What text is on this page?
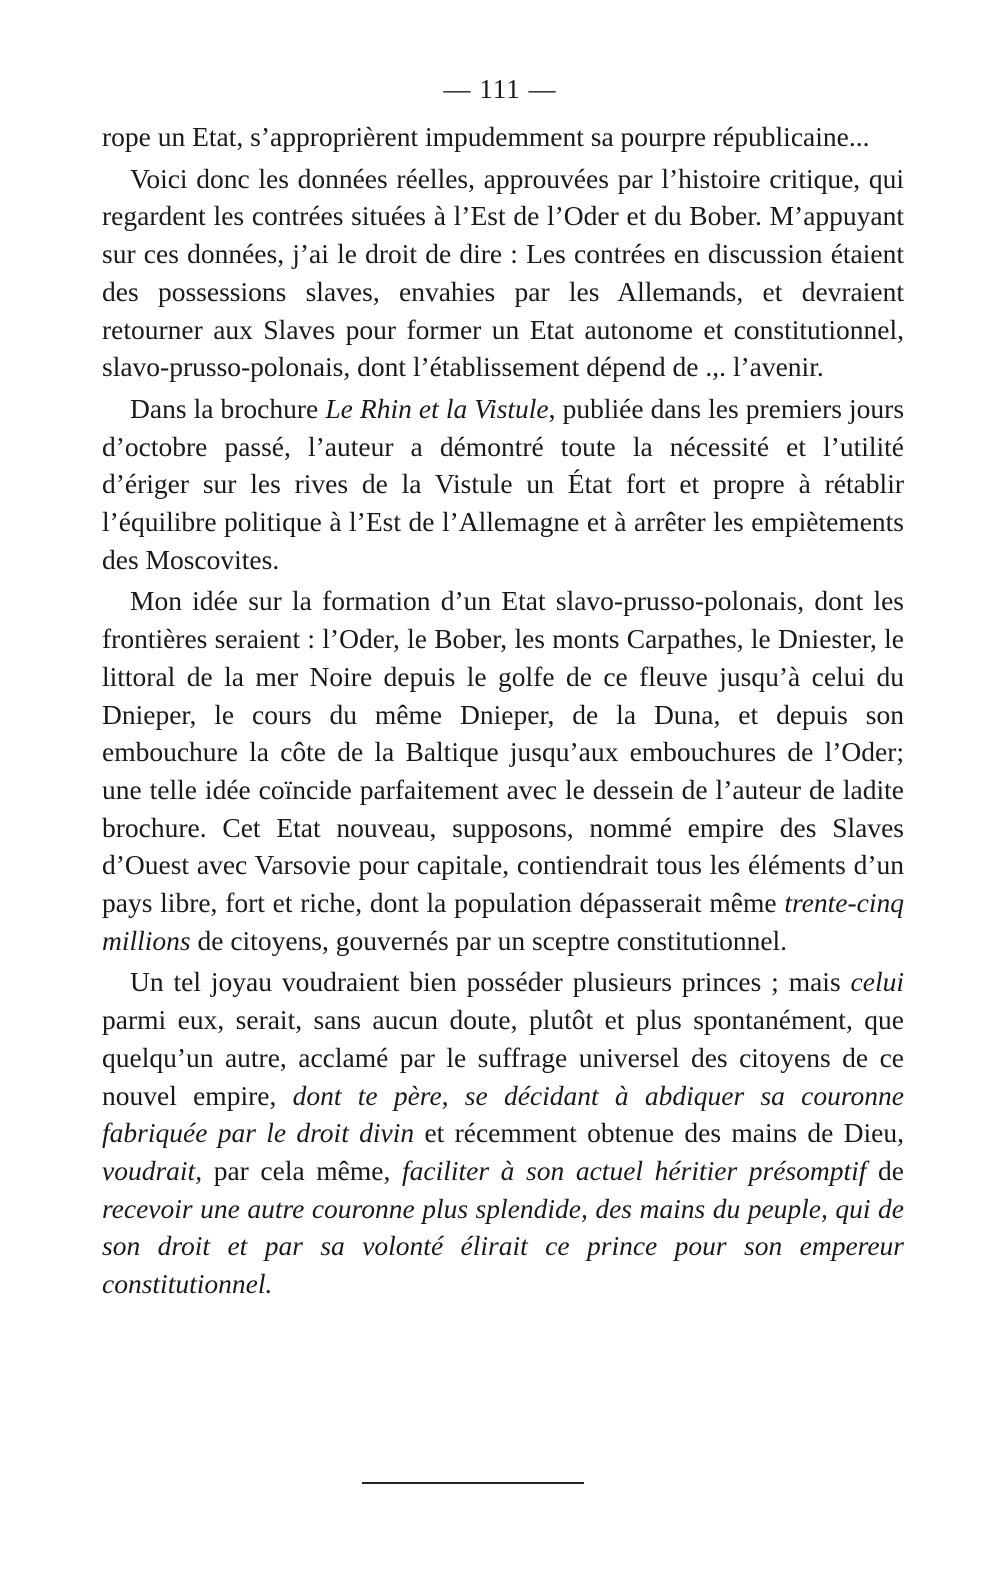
— 111 —

rope un Etat, s’approprièrent impudemment sa pourpre républicaine...

Voici donc les données réelles, approuvées par l’histoire critique, qui regardent les contrées situées à l’Est de l’Oder et du Bober. M’appuyant sur ces données, j’ai le droit de dire : Les contrées en discussion étaient des possessions slaves, envahies par les Allemands, et devraient retourner aux Slaves pour former un Etat autonome et constitutionnel, slavo-prusso-polonais, dont l’établissement dépend de .,. l’avenir.

Dans la brochure Le Rhin et la Vistule, publiée dans les premiers jours d’octobre passé, l’auteur a démontré toute la nécessité et l’utilité d’ériger sur les rives de la Vistule un État fort et propre à rétablir l’équilibre politique à l’Est de l’Allemagne et à arrêter les empiètements des Moscovites.

Mon idée sur la formation d’un Etat slavo-prusso-polonais, dont les frontières seraient : l’Oder, le Bober, les monts Carpathes, le Dniester, le littoral de la mer Noire depuis le golfe de ce fleuve jusqu’à celui du Dnieper, le cours du même Dnieper, de la Duna, et depuis son embouchure la côte de la Baltique jusqu’aux embouchures de l’Oder; une telle idée coïncide parfaitement avec le dessein de l’auteur de ladite brochure. Cet Etat nouveau, supposons, nommé empire des Slaves d’Ouest avec Varsovie pour capitale, contiendrait tous les éléments d’un pays libre, fort et riche, dont la population dépasserait même trente-cinq millions de citoyens, gouvernés par un sceptre constitutionnel.

Un tel joyau voudraient bien posséder plusieurs princes ; mais celui parmi eux, serait, sans aucun doute, plutôt et plus spontanément, que quelqu’un autre, acclamé par le suffrage universel des citoyens de ce nouvel empire, dont te père, se décidant à abdiquer sa couronne fabriquée par le droit divin et récemment obtenue des mains de Dieu, voudrait, par cela même, faciliter à son actuel héritier présomptif de recevoir une autre couronne plus splendide, des mains du peuple, qui de son droit et par sa volonté élirait ce prince pour son empereur constitutionnel.
